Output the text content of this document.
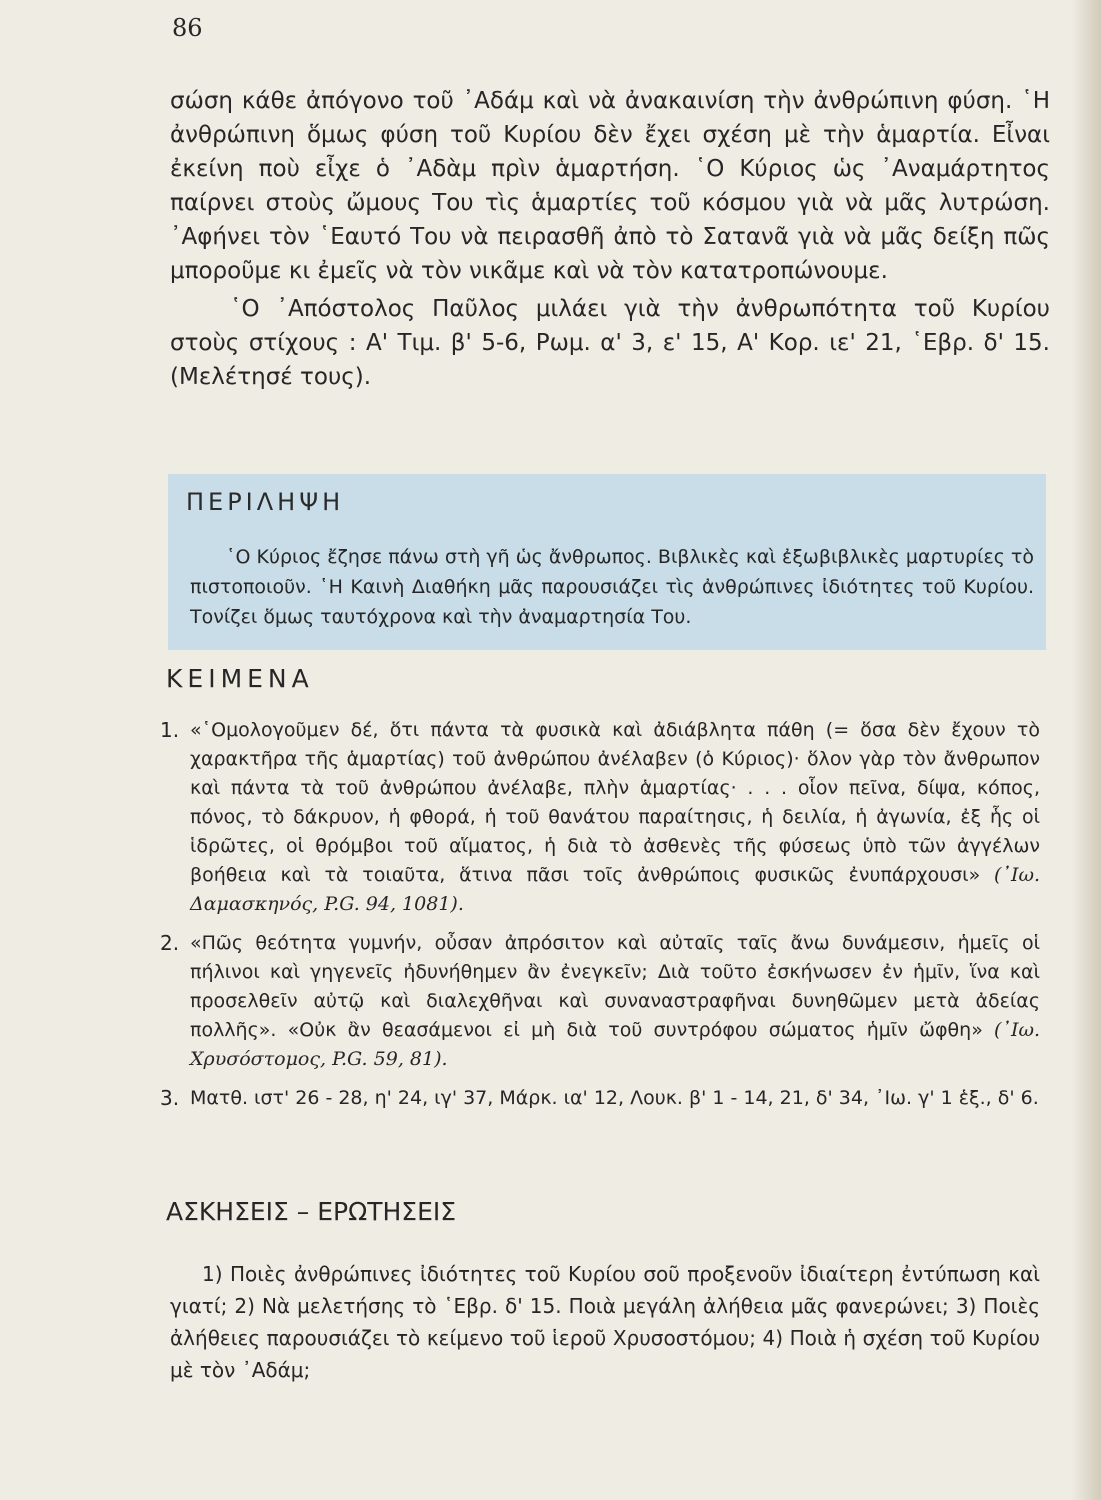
86

σώση κάθε ἀπόγονο τοῦ ᾿Αδάμ καὶ νὰ ἀνακαινίση τὴν ἀνθρώπινη φύση. ῾Η ἀνθρώπινη ὅμως φύση τοῦ Κυρίου δὲν ἔχει σχέση μὲ τὴν ἁμαρτία. Εἶναι ἐκείνη ποὺ εἶχε ὁ ᾿Αδὰμ πρὶν ἁμαρτήση. ῾Ο Κύριος ὡς ᾿Αναμάρτητος παίρνει στοὺς ὤμους Του τὶς ἁμαρτίες τοῦ κόσμου γιὰ νὰ μᾶς λυτρώση. ᾿Αφήνει τὸν ῾Εαυτό Του νὰ πειρασθῆ ἀπὸ τὸ Σατανᾶ γιὰ νὰ μᾶς δείξη πῶς μποροῦμε κι ἐμεῖς νὰ τὸν νικᾶμε καὶ νὰ τὸν κατατροπώνουμε.

῾Ο ᾿Απόστολος Παῦλος μιλάει γιὰ τὴν ἀνθρωπότητα τοῦ Κυρίου στοὺς στίχους : Α' Τιμ. β' 5-6, Ρωμ. α' 3, ε' 15, Α' Κορ. ιε' 21, ῾Εβρ. δ' 15. (Μελέτησέ τους).

ΠΕΡΙΛΗΨΗ

῾Ο Κύριος ἔζησε πάνω στὴ γῆ ὡς ἄνθρωπος. Βιβλικὲς καὶ ἐξωβιβλικὲς μαρτυρίες τὸ πιστοποιοῦν. ῾Η Καινὴ Διαθήκη μᾶς παρουσιάζει τὶς ἀνθρώπινες ἰδιότητες τοῦ Κυρίου. Τονίζει ὅμως ταυτόχρονα καὶ τὴν ἀναμαρτησία Του.

ΚΕΙΜΕΝΑ
1. «῾Ομολογοῦμεν δέ, ὅτι πάντα τὰ φυσικὰ καὶ ἀδιάβλητα πάθη (= ὅσα δὲν ἔχουν τὸ χαρακτῆρα τῆς ἁμαρτίας) τοῦ ἀνθρώπου ἀνέλαβεν (ὁ Κύριος)· ὅλον γὰρ τὸν ἄνθρωπον καὶ πάντα τὰ τοῦ ἀνθρώπου ἀνέλαβε, πλὴν ἁμαρτίας· . . . οἷον πεῖνα, δίψα, κόπος, πόνος, τὸ δάκρυον, ἡ φθορά, ἡ τοῦ θανάτου παραίτησις, ἡ δειλία, ἡ ἀγωνία, ἐξ ἧς οἱ ἱδρῶτες, οἱ θρόμβοι τοῦ αἵματος, ἡ διὰ τὸ ἀσθενὲς τῆς φύσεως ὑπὸ τῶν ἀγγέλων βοήθεια καὶ τὰ τοιαῦτα, ἅτινα πᾶσι τοῖς ἀνθρώποις φυσικῶς ἐνυπάρχουσι» (᾿Ιω. Δαμασκηνός, P.G. 94, 1081).
2. «Πῶς θεότητα γυμνήν, οὖσαν ἀπρόσιτον καὶ αὐταῖς ταῖς ἄνω δυνάμεσιν, ἡμεῖς οἱ πήλινοι καὶ γηγενεῖς ἠδυνήθημεν ἂν ἐνεγκεῖν; Διὰ τοῦτο ἐσκήνωσεν ἐν ἡμῖν, ἵνα καὶ προσελθεῖν αὐτῷ καὶ διαλεχθῆναι καὶ συναναστραφῆναι δυνηθῶμεν μετὰ ἀδείας πολλῆς». «Οὐκ ἂν θεασάμενοι εἰ μὴ διὰ τοῦ συντρόφου σώματος ἡμῖν ὤφθη» (᾿Ιω. Χρυσόστομος, P.G. 59, 81).
3. Ματθ. ιστ' 26 - 28, η' 24, ιγ' 37, Μάρκ. ια' 12, Λουκ. β' 1 - 14, 21, δ' 34, ᾿Ιω. γ' 1 ἑξ., δ' 6.
ΑΣΚΗΣΕΙΣ – ΕΡΩΤΗΣΕΙΣ

1) Ποιὲς ἀνθρώπινες ἰδιότητες τοῦ Κυρίου σοῦ προξενοῦν ἰδιαίτερη ἐντύπωση καὶ γιατί; 2) Νὰ μελετήσης τὸ ῾Εβρ. δ' 15. Ποιὰ μεγάλη ἀλήθεια μᾶς φανερώνει; 3) Ποιὲς ἀλήθειες παρουσιάζει τὸ κείμενο τοῦ ἱεροῦ Χρυσοστόμου; 4) Ποιὰ ἡ σχέση τοῦ Κυρίου μὲ τὸν ᾿Αδάμ;
